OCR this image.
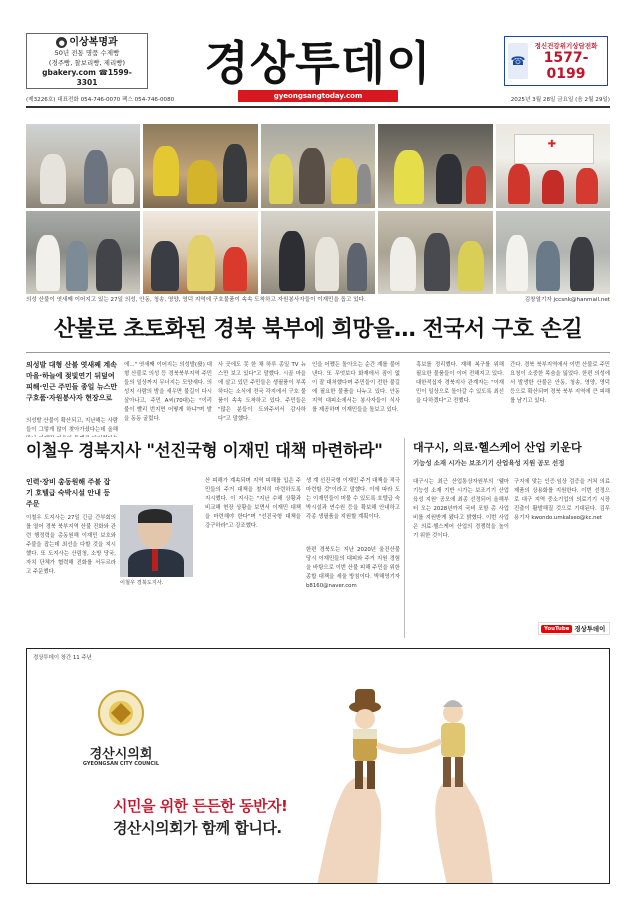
● 이상복명과
50년 전통 명품 수제빵
(경주빵, 찰보리빵, 제리빵)
gbakery.com ☎1599-3301	경상투데이
gyeongsangtoday.com
☎
정신건강위기상담전화
1577-0199
(제3226호) 대표전화 054-746-0070 팩스 054-746-0080	2025년 3월 28일 금요일 (음 2월 29일)
✚
의성 산불이 엿새째 이어지고 있는 27일 의성, 안동, 청송, 영양, 영덕 지역에 구호물품이 속속 도착하고 자원봉사자들이 이재민을 돕고 있다.	김창열기자 jccsnk@hanmail.net
산불로 초토화된 경북 북부에 희망을… 전국서 구호 손길
의성발 대형 산불 엿새째 계속 마을·하늘에 젖빛연기 뒤덮여 피해·인근 주민들 종일 뉴스만 구호품·자원봉사자 현장으로
의성발 산불이 확산되고, 지난해는 사람들이 그렇게 많이 찾아가셨다는데 올해
에…" 엿새째 이어지는 의성발(發) 대형 산불로 의성 등 경북북부지역 주민들의 일상까지 무너지는 모양새다. 의성지 사람의 밤을 새우면 불길이 다시 살아나고, 주민 A씨(70대)는 "이리 불이 빨리 번지면 어떻게 하냐"며 발을 동동 굴렀다.
사 곳에도 못 한 채 하루 종일 TV 뉴스만 보고 있다"고 말했다. 시골 마을에 살고 있던 주민들은 생필품이 부족하다는 소식에 전국 각지에서 구호 물품이 속속 도착하고 있다. 주민들은 "많은 분들이 도와주셔서 감사하다"고 말했다.
인을 어쨌든 돌아오는 순간 재를 불어낸다. 또 무엇보다 화재에서 짐이 없이 잘 대처했다며 주민들이 전한 불길에 필요한 물품을 나누고 있다. 안동 지역 대피소에서는 봉사자들이 식사를 제공하며 이재민들을 돌보고 있다.
혹보를 정리했다. 재해 복구를 위해 필요한 물품들이 이어 전해지고 있다. 대한적십자 경북지사 관계자는 "이재민이 일상으로 돌아갈 수 있도록 최선을 다하겠다"고 전했다.
간다. 경북 북부지역에서 이번 산불로 주민 요청이 소중한 목숨을 잃었다. 한편 의성에서 발생한 산불은 안동, 청송, 영양, 영덕 등으로 확산되며 경북 북부 지역에 큰 피해를 남기고 있다.
이철우 경북지사 "선진국형 이재민 대책 마련하라"
인력·장비 총동원해 주불 잡기 호텔급 숙박시설 안내 등 주문
이철우 도지사는 27일 긴급 간부회의를 열어 경북 북부지역 산불 진화와 관련 행정력을 총동원해 이재민 보호와 주불을 잡는데 최선을 다할 것을 지시했다. 또 도지사는 산림청, 소방 당국, 자치 단체가 협력해 진화를 서두르라고 주문했다.
이철우 경북도지사.
산 피해가 계속되며 지역 피해를 입은 주민들의 주거 대책을 철저히 마련하도록 지시했다. 이 지사는 "지난 수해 상황과 비교해 현장 상황을 보면서 이재민 대책을 마련해야 한다"며 "선진국형 대책을 강구하라"고 강조했다.
생 계 선진국형 이재민 주거 대책을 적극 마련할 것"이라고 말했다. 이에 따라 도는 이재민들이 머물 수 있도록 호텔급 숙박시설과 연수원 등을 확보해 안내하고 각종 생필품을 지원할 계획이다.
한편 경북도는 지난 2020년 울진산불 당시 이재민들의 대피와 주거 지원 경험을 바탕으로 이번 산불 피해 주민을 위한 종합 대책을 세울 방침이다. 박해영기자 b8160@naver.com
대구시, 의료·헬스케어 산업 키운다
기능성 소재 시가는 보조기기 산업육성 지원 공모 선정
대구시는 최근 산업통상자원부의 '웰마 기능성 소재 기반 시가는 보조기기 산업육성 지원' 공모에 최종 선정되어 올해부터 오는 2028년까지 국비 포함 총 사업비를 지원받게 됐다고 밝혔다. 이번 사업은 의료·헬스케어 산업의 경쟁력을 높이기 위한 것이다.
구지에 맞는 인증·임상 검증을 거쳐 의료 제품의 상용화를 지원한다. 이번 선정으로 대구 지역 중소기업의 의료기기 시장 진출이 활발해질 것으로 기대된다. 김무용기자 kwondo.umkaIseo@kc.net
YouTube 경상투데이
경상투데이 창간 11 주년
경산시의회
GYEONGSAN CITY COUNCIL
시민을 위한 든든한 동반자!
경산시의회가 함께 합니다.
